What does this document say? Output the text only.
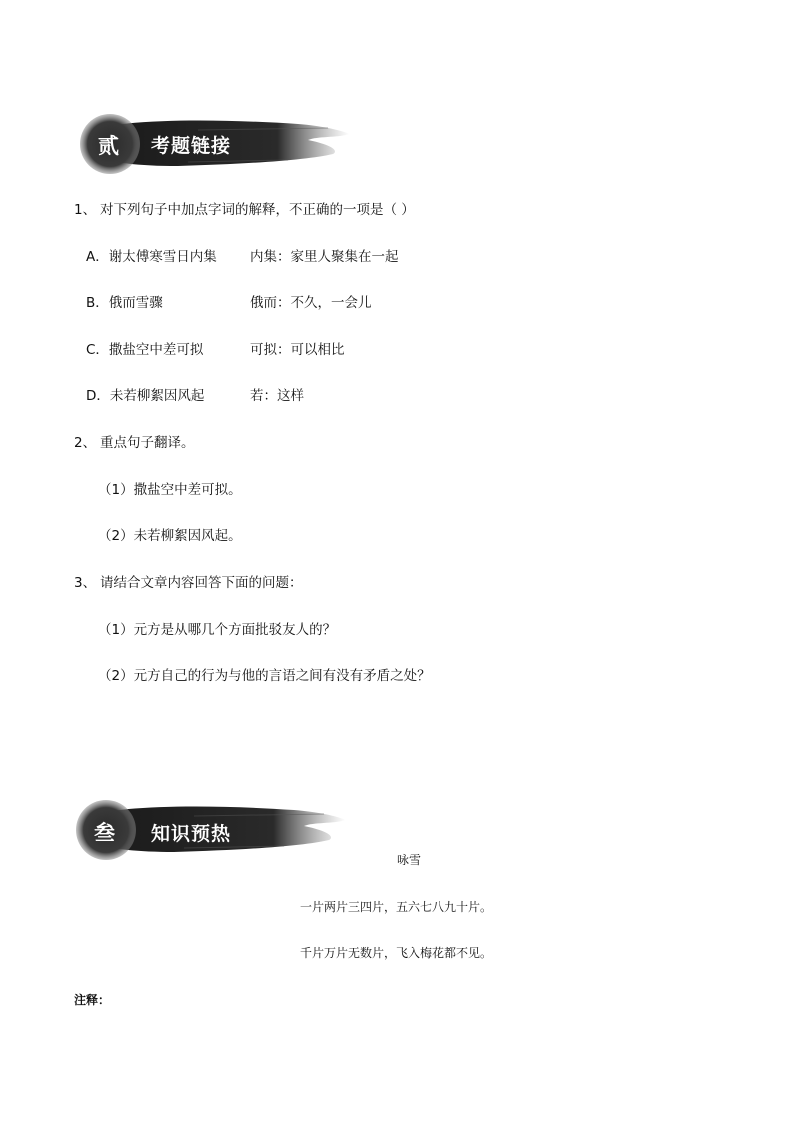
贰 考题链接
1、 对下列句子中加点字词的解释，不正确的一项是（ ）
A．谢太傅寒雪日内集 内集：家里人聚集在一起
B．俄而雪骤	俄而：不久，一会儿
C．撒盐空中差可拟	可拟：可以相比
D．未若柳絮因风起	若：这样
2、 重点句子翻译。
（1）撒盐空中差可拟。
（2）未若柳絮因风起。
3、 请结合文章内容回答下面的问题：
（1）元方是从哪几个方面批驳友人的？
（2）元方自己的行为与他的言语之间有没有矛盾之处？
叁 知识预热
咏雪
一片两片三四片，五六七八九十片。
千片万片无数片，飞入梅花都不见。
注释：
